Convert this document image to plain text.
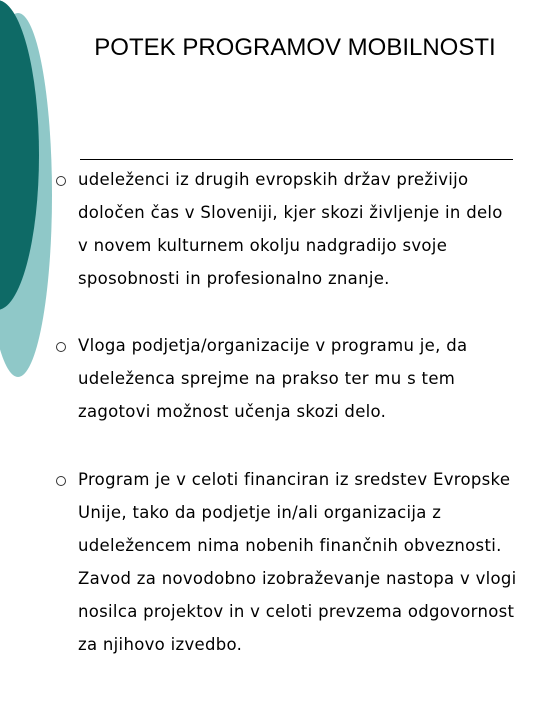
POTEK PROGRAMOV MOBILNOSTI
udeleženci iz drugih evropskih držav preživijo določen čas v Sloveniji, kjer skozi življenje in delo v novem kulturnem okolju nadgradijo svoje sposobnosti in profesionalno znanje.
Vloga podjetja/organizacije v programu je, da udeleženca sprejme na prakso ter mu s tem zagotovi možnost učenja skozi delo.
Program je v celoti financiran iz sredstev Evropske Unije, tako da podjetje in/ali organizacija z udeležencem nima nobenih finančnih obveznosti. Zavod za novodobno izobraževanje nastopa v vlogi nosilca projektov in v celoti prevzema odgovornost za njihovo izvedbo.
